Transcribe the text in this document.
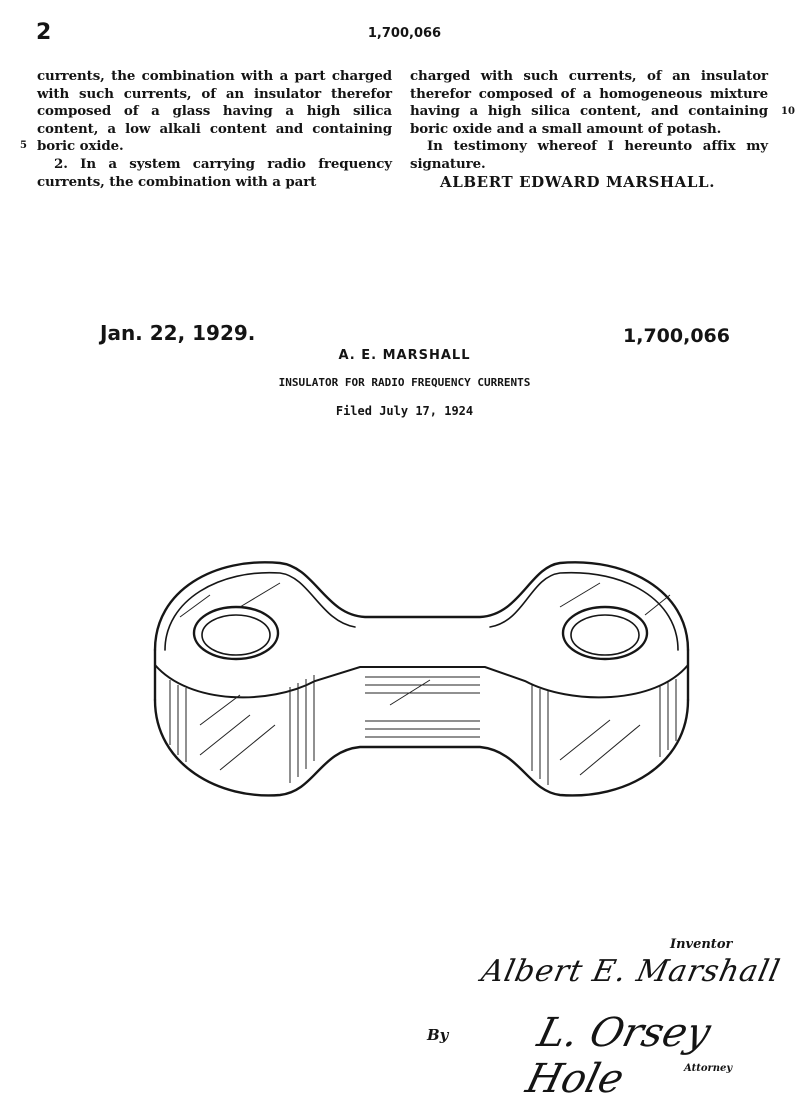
2	1,700,066

currents, the combination with a part charged with such currents, of an insulator therefor composed of a glass having a high silica content, a low alkali content and containing boric oxide.

2. In a system carrying radio frequency currents, the combination with a part

5

charged with such currents, of an insulator therefor composed of a homogeneous mixture having a high silica content, and containing boric oxide and a small amount of potash.

In testimony whereof I hereunto affix my signature.

ALBERT EDWARD MARSHALL.

10
Jan. 22, 1929.	1,700,066
A. E. MARSHALL
INSULATOR FOR RADIO FREQUENCY CURRENTS
Filed July 17, 1924
Inventor
Albert E. Marshall
By L. Orsey Hole	Attorney
